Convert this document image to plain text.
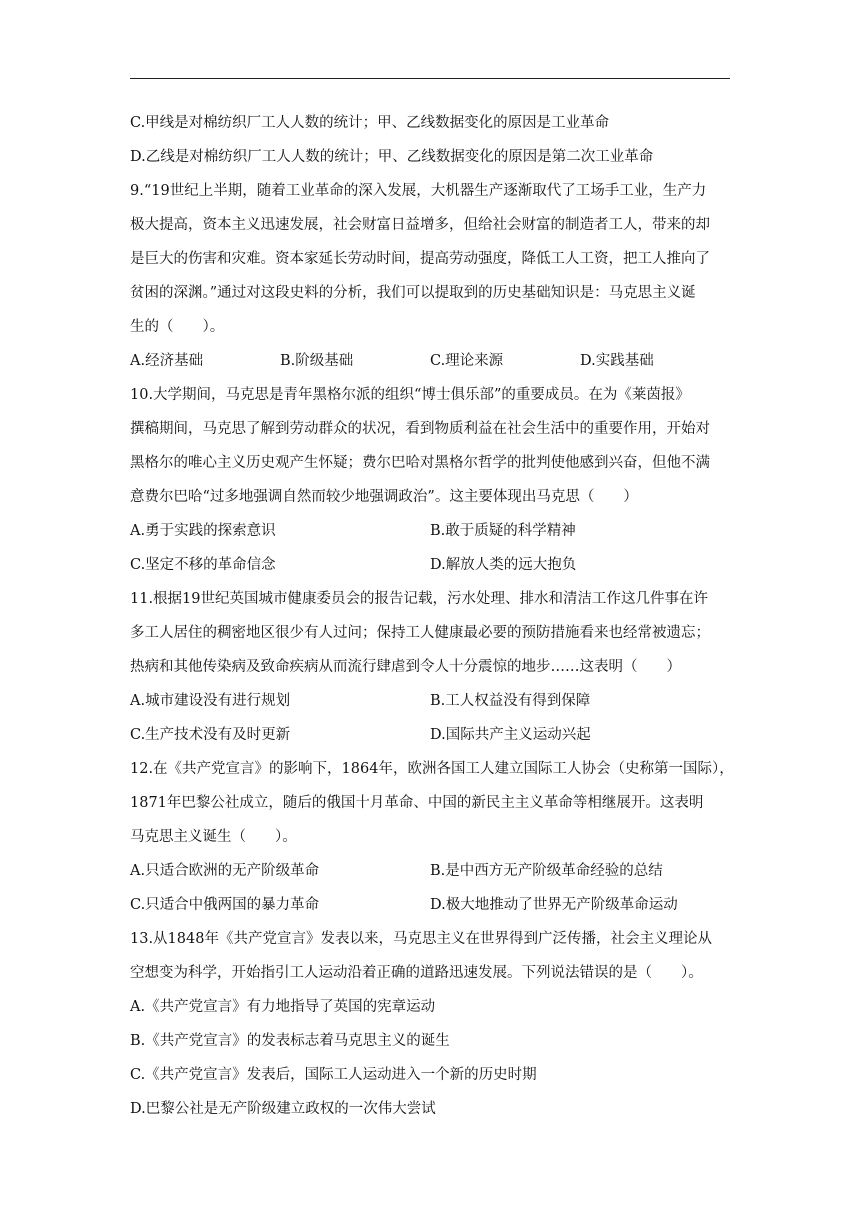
C.甲线是对棉纺织厂工人人数的统计；甲、乙线数据变化的原因是工业革命
D.乙线是对棉纺织厂工人人数的统计；甲、乙线数据变化的原因是第二次工业革命
9.“19世纪上半期，随着工业革命的深入发展，大机器生产逐渐取代了工场手工业，生产力
极大提高，资本主义迅速发展，社会财富日益增多，但给社会财富的制造者工人，带来的却
是巨大的伤害和灾难。资本家延长劳动时间，提高劳动强度，降低工人工资，把工人推向了
贫困的深渊。”通过对这段史料的分析，我们可以提取到的历史基础知识是：马克思主义诞
生的（　　）。
A.经济基础	B.阶级基础	C.理论来源	D.实践基础
10.大学期间，马克思是青年黑格尔派的组织“博士俱乐部”的重要成员。在为《莱茵报》
撰稿期间，马克思了解到劳动群众的状况，看到物质利益在社会生活中的重要作用，开始对
黑格尔的唯心主义历史观产生怀疑；费尔巴哈对黑格尔哲学的批判使他感到兴奋，但他不满
意费尔巴哈“过多地强调自然而较少地强调政治”。这主要体现出马克思（　　）
A.勇于实践的探索意识	B.敢于质疑的科学精神
C.坚定不移的革命信念	D.解放人类的远大抱负
11.根据19世纪英国城市健康委员会的报告记载，污水处理、排水和清洁工作这几件事在许
多工人居住的稠密地区很少有人过问；保持工人健康最必要的预防措施看来也经常被遗忘；
热病和其他传染病及致命疾病从而流行肆虐到令人十分震惊的地步……这表明（　　）
A.城市建设没有进行规划	B.工人权益没有得到保障
C.生产技术没有及时更新	D.国际共产主义运动兴起
12.在《共产党宣言》的影响下，1864年，欧洲各国工人建立国际工人协会（史称第一国际），
1871年巴黎公社成立，随后的俄国十月革命、中国的新民主主义革命等相继展开。这表明
马克思主义诞生（　　）。
A.只适合欧洲的无产阶级革命	B.是中西方无产阶级革命经验的总结
C.只适合中俄两国的暴力革命	D.极大地推动了世界无产阶级革命运动
13.从1848年《共产党宣言》发表以来，马克思主义在世界得到广泛传播，社会主义理论从
空想变为科学，开始指引工人运动沿着正确的道路迅速发展。下列说法错误的是（　　）。
A.《共产党宣言》有力地指导了英国的宪章运动
B.《共产党宣言》的发表标志着马克思主义的诞生
C.《共产党宣言》发表后，国际工人运动进入一个新的历史时期
D.巴黎公社是无产阶级建立政权的一次伟大尝试
